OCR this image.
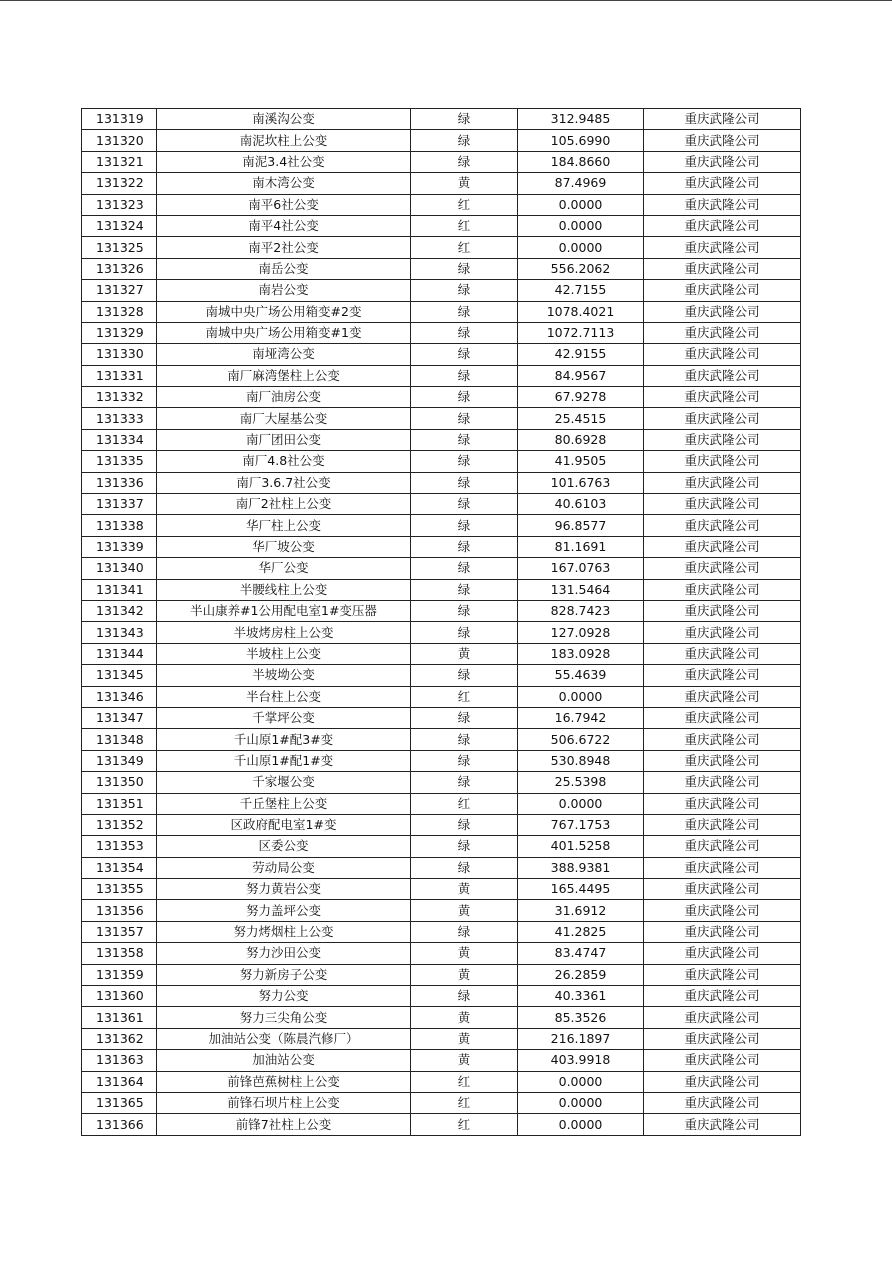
131319	南溪沟公变	绿	312.9485	重庆武隆公司
131320	南泥坎柱上公变	绿	105.6990	重庆武隆公司
131321	南泥3.4社公变	绿	184.8660	重庆武隆公司
131322	南木湾公变	黄	87.4969	重庆武隆公司
131323	南平6社公变	红	0.0000	重庆武隆公司
131324	南平4社公变	红	0.0000	重庆武隆公司
131325	南平2社公变	红	0.0000	重庆武隆公司
131326	南岳公变	绿	556.2062	重庆武隆公司
131327	南岩公变	绿	42.7155	重庆武隆公司
131328	南城中央广场公用箱变#2变	绿	1078.4021	重庆武隆公司
131329	南城中央广场公用箱变#1变	绿	1072.7113	重庆武隆公司
131330	南垭湾公变	绿	42.9155	重庆武隆公司
131331	南厂麻湾堡柱上公变	绿	84.9567	重庆武隆公司
131332	南厂油房公变	绿	67.9278	重庆武隆公司
131333	南厂大屋基公变	绿	25.4515	重庆武隆公司
131334	南厂团田公变	绿	80.6928	重庆武隆公司
131335	南厂4.8社公变	绿	41.9505	重庆武隆公司
131336	南厂3.6.7社公变	绿	101.6763	重庆武隆公司
131337	南厂2社柱上公变	绿	40.6103	重庆武隆公司
131338	华厂柱上公变	绿	96.8577	重庆武隆公司
131339	华厂坡公变	绿	81.1691	重庆武隆公司
131340	华厂公变	绿	167.0763	重庆武隆公司
131341	半腰线柱上公变	绿	131.5464	重庆武隆公司
131342	半山康养#1公用配电室1#变压器	绿	828.7423	重庆武隆公司
131343	半坡烤房柱上公变	绿	127.0928	重庆武隆公司
131344	半坡柱上公变	黄	183.0928	重庆武隆公司
131345	半坡坳公变	绿	55.4639	重庆武隆公司
131346	半台柱上公变	红	0.0000	重庆武隆公司
131347	千掌坪公变	绿	16.7942	重庆武隆公司
131348	千山原1#配3#变	绿	506.6722	重庆武隆公司
131349	千山原1#配1#变	绿	530.8948	重庆武隆公司
131350	千家堰公变	绿	25.5398	重庆武隆公司
131351	千丘堡柱上公变	红	0.0000	重庆武隆公司
131352	区政府配电室1#变	绿	767.1753	重庆武隆公司
131353	区委公变	绿	401.5258	重庆武隆公司
131354	劳动局公变	绿	388.9381	重庆武隆公司
131355	努力黄岩公变	黄	165.4495	重庆武隆公司
131356	努力盖坪公变	黄	31.6912	重庆武隆公司
131357	努力烤烟柱上公变	绿	41.2825	重庆武隆公司
131358	努力沙田公变	黄	83.4747	重庆武隆公司
131359	努力新房子公变	黄	26.2859	重庆武隆公司
131360	努力公变	绿	40.3361	重庆武隆公司
131361	努力三尖角公变	黄	85.3526	重庆武隆公司
131362	加油站公变（陈晨汽修厂）	黄	216.1897	重庆武隆公司
131363	加油站公变	黄	403.9918	重庆武隆公司
131364	前锋芭蕉树柱上公变	红	0.0000	重庆武隆公司
131365	前锋石坝片柱上公变	红	0.0000	重庆武隆公司
131366	前锋7社柱上公变	红	0.0000	重庆武隆公司
